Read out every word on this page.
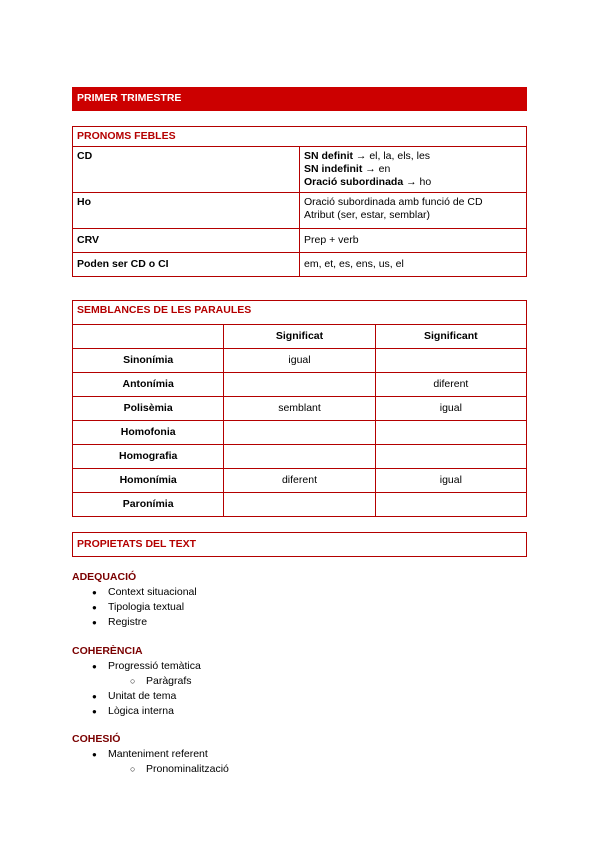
PRIMER TRIMESTRE
PRONOMS FEBLES	
CD	SN definit → el, la, els, les
SN indefinit → en
Oració subordinada → ho

Ho	Oració subordinada amb funció de CD
Atribut (ser, estar, semblar)

CRV	Prep + verb
Poden ser CD o CI	em, et, es, ens, us, el
SEMBLANCES DE LES PARAULES		
	Significat	Significant
Sinonímia	igual	
Antonímia		diferent
Polisèmia	semblant	igual
Homofonia		
Homografia		
Homonímia	diferent	igual
Paronímia		
PROPIETATS DEL TEXT
ADEQUACIÓ
● Context situacional
● Tipologia textual
● Registre
COHERÈNCIA
● Progressió temàtica
○ Paràgrafs
● Unitat de tema
● Lògica interna
COHESIÓ
● Manteniment referent
○ Pronominalització
